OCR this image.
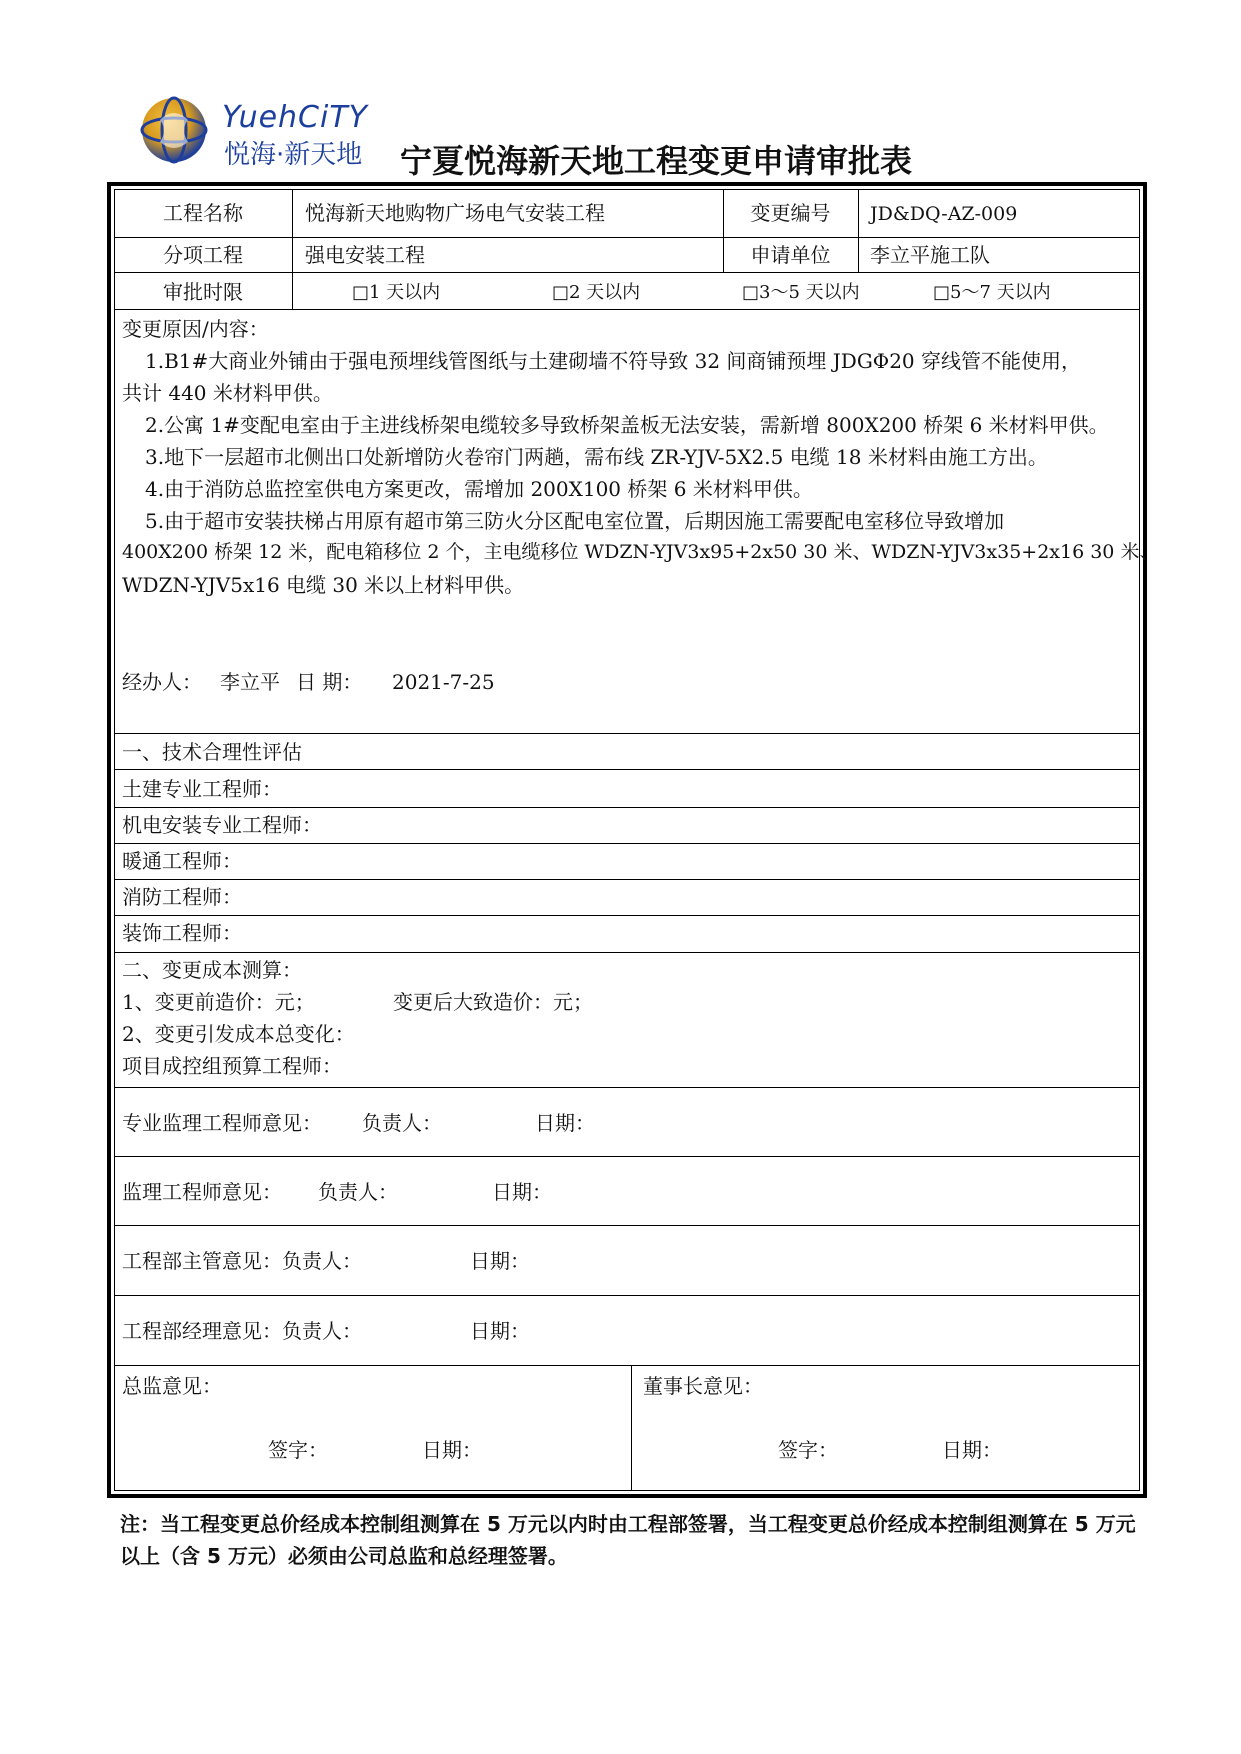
YuehCiTY
悦海·新天地 宁夏悦海新天地工程变更申请审批表
工程名称	悦海新天地购物广场电气安装工程	变更编号	JD&DQ-AZ-009
分项工程	强电安装工程	申请单位	李立平施工队
审批时限	□1 天以内	□2 天以内	□3～5 天以内	□5～7 天以内
变更原因/内容：
1.B1#大商业外铺由于强电预埋线管图纸与土建砌墙不符导致 32 间商铺预埋 JDGΦ20 穿线管不能使用，
共计 440 米材料甲供。
2.公寓 1#变配电室由于主进线桥架电缆较多导致桥架盖板无法安装，需新增 800X200 桥架 6 米材料甲供。
3.地下一层超市北侧出口处新增防火卷帘门两趟，需布线 ZR-YJV-5X2.5 电缆 18 米材料由施工方出。
4.由于消防总监控室供电方案更改，需增加 200X100 桥架 6 米材料甲供。
5.由于超市安装扶梯占用原有超市第三防火分区配电室位置，后期因施工需要配电室移位导致增加
400X200 桥架 12 米，配电箱移位 2 个，主电缆移位 WDZN-YJV3x95+2x50 30 米、WDZN-YJV3x35+2x16 30 米、
WDZN-YJV5x16 电缆 30 米以上材料甲供。
经办人： 李立平 日 期： 2021-7-25
一、技术合理性评估
土建专业工程师：
机电安装专业工程师：
暖通工程师：
消防工程师：
装饰工程师：
二、变更成本测算：
1、变更前造价：元；	变更后大致造价：元；
2、变更引发成本总变化：
项目成控组预算工程师：
专业监理工程师意见： 负责人：	日期：
监理工程师意见： 负责人：	日期：
工程部主管意见：负责人：	日期：
工程部经理意见：负责人：	日期：
总监意见：
签字：	日期：
董事长意见：
签字：	日期：
注：当工程变更总价经成本控制组测算在 5 万元以内时由工程部签署，当工程变更总价经成本控制组测算在 5 万元以上（含 5 万元）必须由公司总监和总经理签署。
